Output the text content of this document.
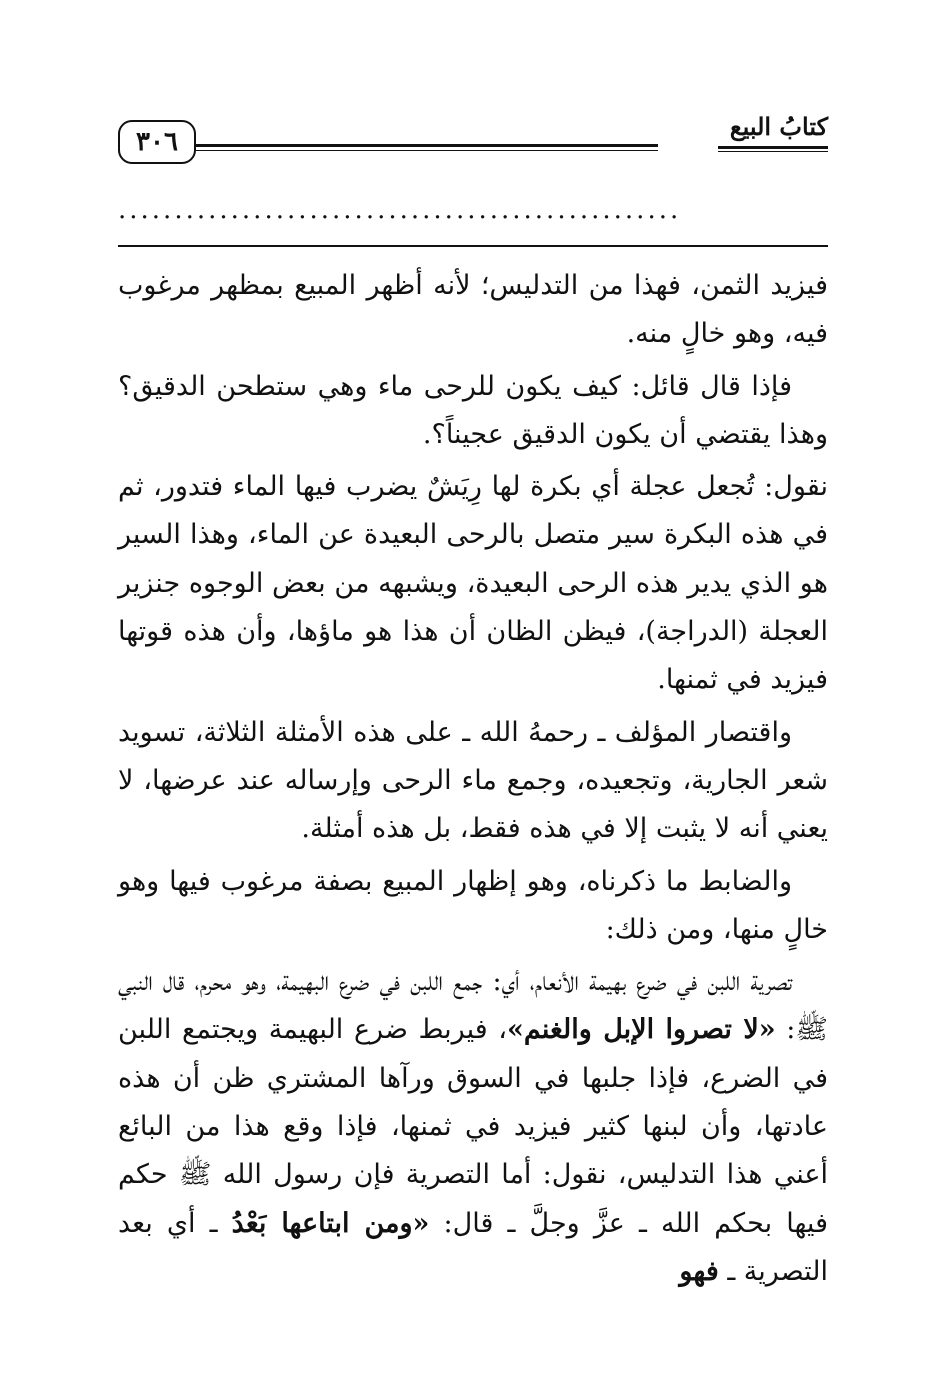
كتابُ البيع
٣٠٦
..................................................

فيزيد الثمن، فهذا من التدليس؛ لأنه أظهر المبيع بمظهر مرغوب فيه، وهو خالٍ منه.

فإذا قال قائل: كيف يكون للرحى ماء وهي ستطحن الدقيق؟ وهذا يقتضي أن يكون الدقيق عجيناً؟.

نقول: تُجعل عجلة أي بكرة لها رِيَشٌ يضرب فيها الماء فتدور، ثم في هذه البكرة سير متصل بالرحى البعيدة عن الماء، وهذا السير هو الذي يدير هذه الرحى البعيدة، ويشبهه من بعض الوجوه جنزير العجلة (الدراجة)، فيظن الظان أن هذا هو ماؤها، وأن هذه قوتها فيزيد في ثمنها.

واقتصار المؤلف ـ رحمهُ الله ـ على هذه الأمثلة الثلاثة، تسويد شعر الجارية، وتجعيده، وجمع ماء الرحى وإرساله عند عرضها، لا يعني أنه لا يثبت إلا في هذه فقط، بل هذه أمثلة.

والضابط ما ذكرناه، وهو إظهار المبيع بصفة مرغوب فيها وهو خالٍ منها، ومن ذلك:

تصرية اللبن في ضرع بهيمة الأنعام، أي: جمع اللبن في ضرع البهيمة، وهو محرم، قال النبي ﷺ: «لا تصروا الإبل والغنم»، فيربط ضرع البهيمة ويجتمع اللبن في الضرع، فإذا جلبها في السوق ورآها المشتري ظن أن هذه عادتها، وأن لبنها كثير فيزيد في ثمنها، فإذا وقع هذا من البائع أعني هذا التدليس، نقول: أما التصرية فإن رسول الله ﷺ حكم فيها بحكم الله ـ عزَّ وجلَّ ـ قال: «ومن ابتاعها بَعْدُ ـ أي بعد التصرية ـ فهو
